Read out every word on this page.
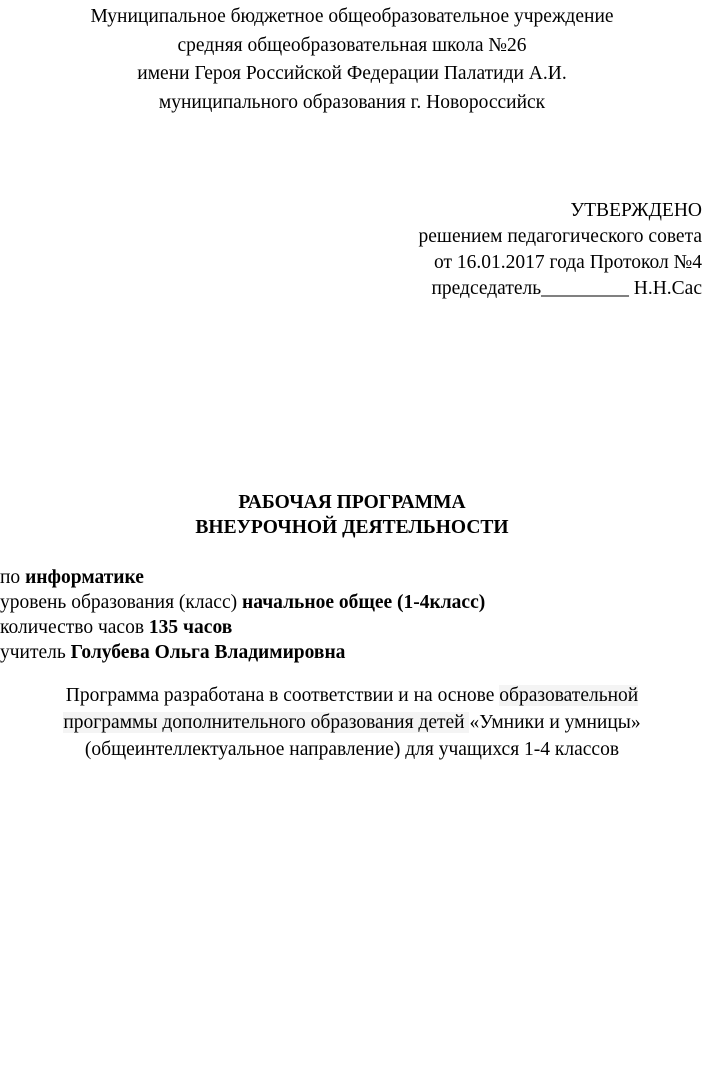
Муниципальное бюджетное общеобразовательное учреждение
средняя общеобразовательная школа №26
имени Героя Российской Федерации Палатиди А.И.
муниципального образования г. Новороссийск
УТВЕРЖДЕНО
решением педагогического совета
от 16.01.2017 года Протокол №4
председатель_________ Н.Н.Сас
РАБОЧАЯ ПРОГРАММА
ВНЕУРОЧНОЙ ДЕЯТЕЛЬНОСТИ
по информатике
уровень образования (класс) начальное общее (1-4класс)
количество часов 135 часов
учитель Голубева Ольга Владимировна
Программа разработана в соответствии и на основе образовательной
программы дополнительного образования детей «Умники и умницы»
(общеинтеллектуальное направление) для учащихся 1-4 классов
